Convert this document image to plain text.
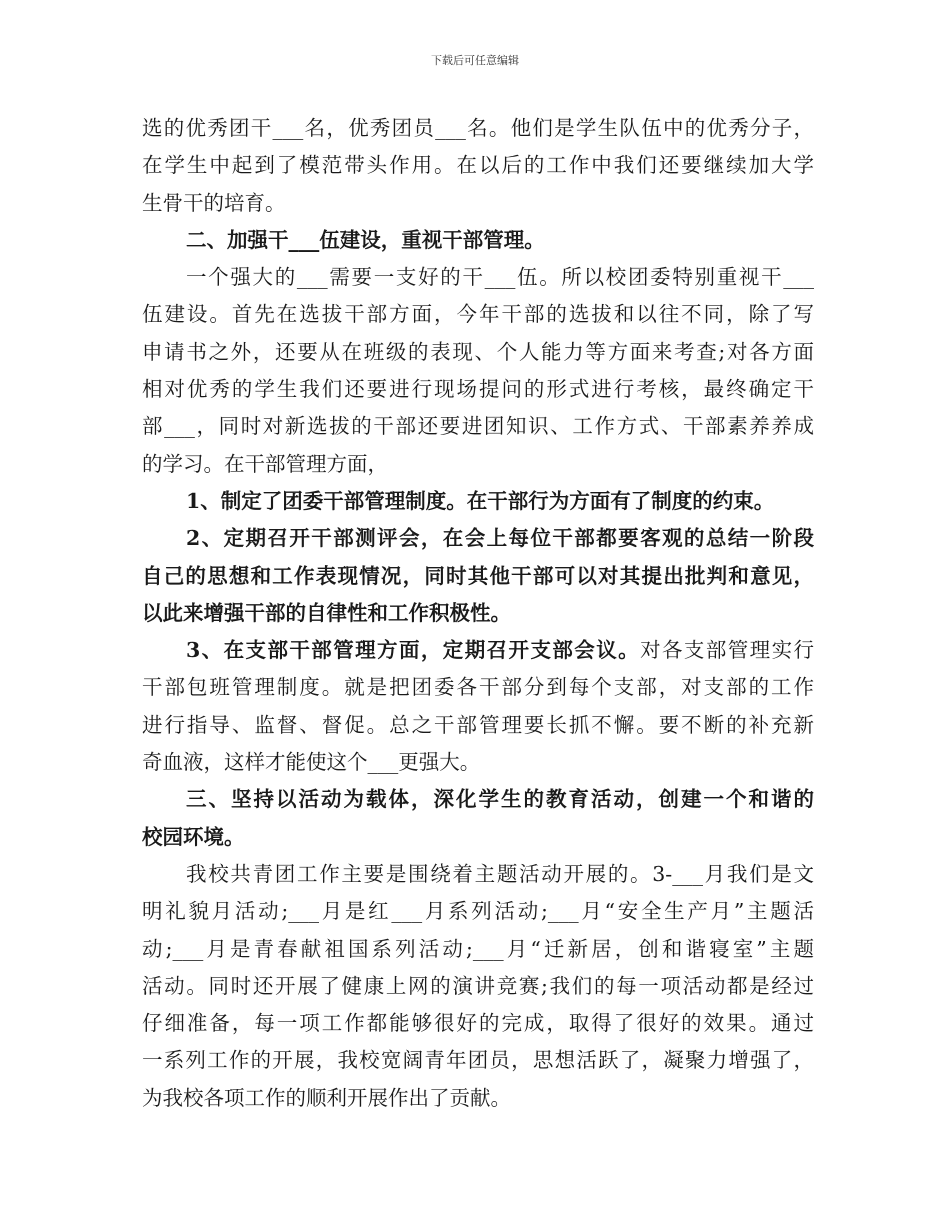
下载后可任意编辑
选的优秀团干___名，优秀团员___名。他们是学生队伍中的优秀分子，
在学生中起到了模范带头作用。在以后的工作中我们还要继续加大学
生骨干的培育。
二、加强干___伍建设，重视干部管理。
一个强大的___需要一支好的干___伍。所以校团委特别重视干___
伍建设。首先在选拔干部方面，今年干部的选拔和以往不同，除了写
申请书之外，还要从在班级的表现、个人能力等方面来考查;对各方面
相对优秀的学生我们还要进行现场提问的形式进行考核，最终确定干
部___，同时对新选拔的干部还要进团知识、工作方式、干部素养养成
的学习。在干部管理方面，
1、制定了团委干部管理制度。在干部行为方面有了制度的约束。
2、定期召开干部测评会，在会上每位干部都要客观的总结一阶段
自己的思想和工作表现情况，同时其他干部可以对其提出批判和意见，
以此来增强干部的自律性和工作积极性。
3、在支部干部管理方面，定期召开支部会议。对各支部管理实行
干部包班管理制度。就是把团委各干部分到每个支部，对支部的工作
进行指导、监督、督促。总之干部管理要长抓不懈。要不断的补充新
奇血液，这样才能使这个___更强大。
三、坚持以活动为载体，深化学生的教育活动，创建一个和谐的
校园环境。
我校共青团工作主要是围绕着主题活动开展的。3-___月我们是文
明礼貌月活动;___月是红___月系列活动;___月“安全生产月”主题活
动;___月是青春献祖国系列活动;___月“迁新居，创和谐寝室”主题
活动。同时还开展了健康上网的演讲竞赛;我们的每一项活动都是经过
仔细准备，每一项工作都能够很好的完成，取得了很好的效果。通过
一系列工作的开展，我校宽阔青年团员，思想活跃了，凝聚力增强了，
为我校各项工作的顺利开展作出了贡献。
